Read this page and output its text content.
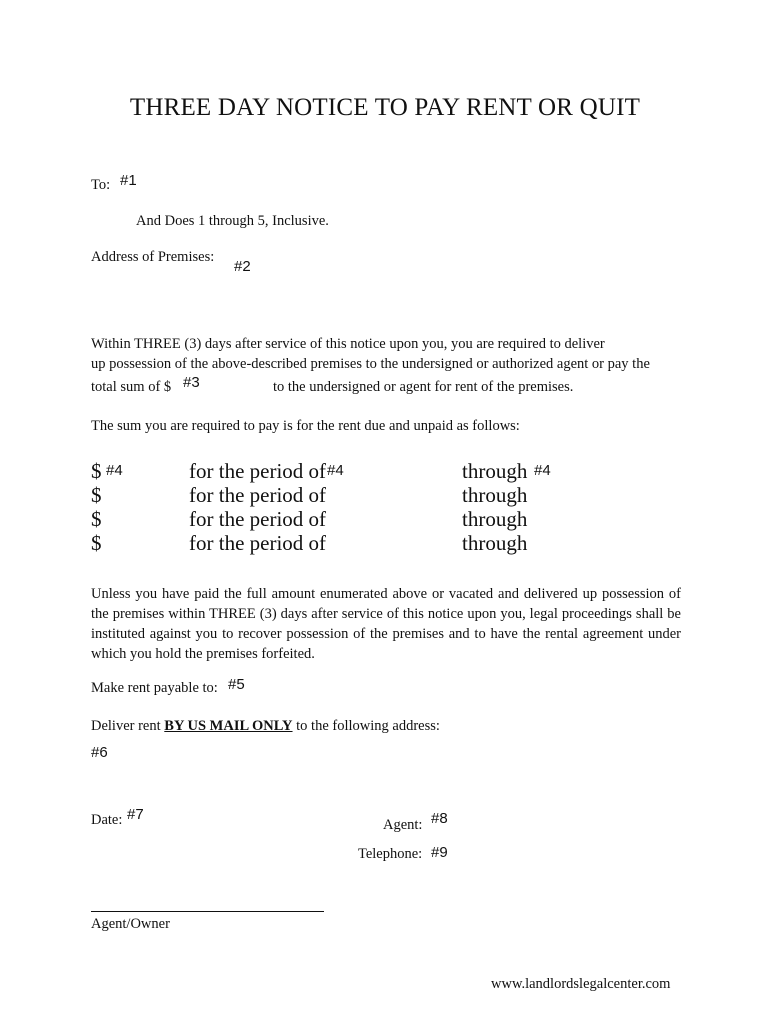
THREE DAY NOTICE TO PAY RENT OR QUIT
To: #1
And Does 1 through 5, Inclusive.
Address of Premises:
#2
Within THREE (3) days after service of this notice upon you, you are required to deliver
up possession of the above-described premises to the undersigned or authorized agent or pay the
total sum of $ #3	to the undersigned or agent for rent of the premises.
The sum you are required to pay is for the rent due and unpaid as follows:
$ #4	for the period of #4	through #4
$	for the period of	through
$	for the period of	through
$	for the period of	through
Unless you have paid the full amount enumerated above or vacated and delivered up possession of the premises within THREE (3) days after service of this notice upon you, legal proceedings shall be instituted against you to recover possession of the premises and to have the rental agreement under which you hold the premises forfeited.
Make rent payable to: #5
Deliver rent BY US MAIL ONLY to the following address:
#6
Date: #7
Agent: #8
Telephone: #9
Agent/Owner
www.landlordslegalcenter.com
